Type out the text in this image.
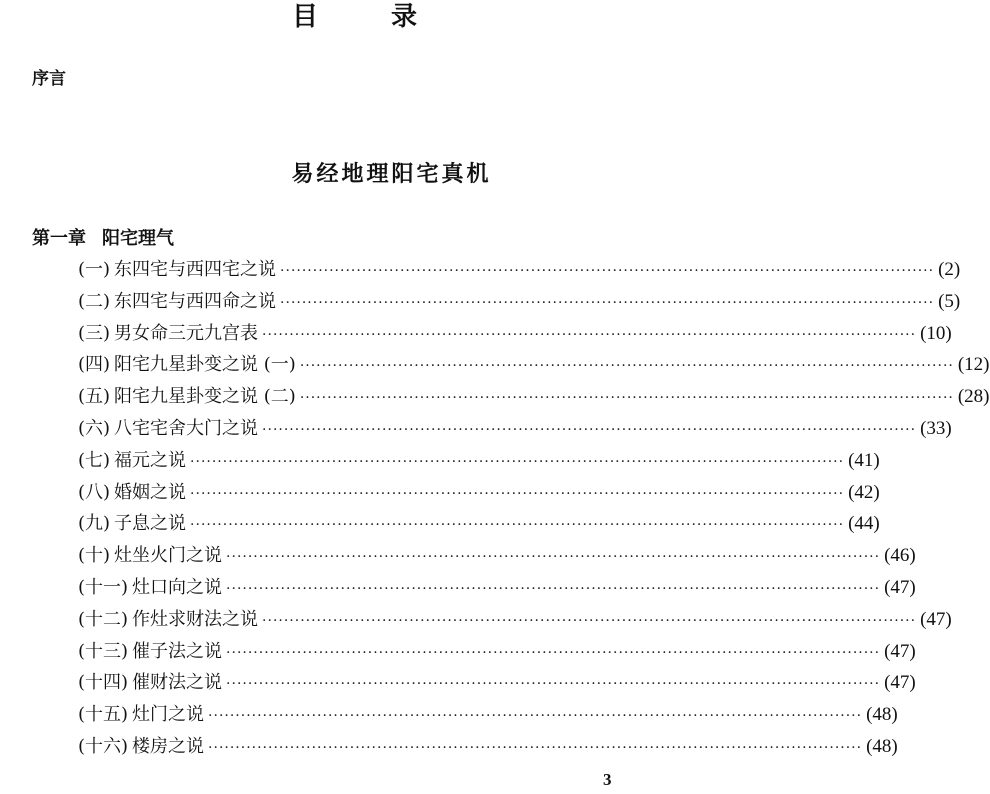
目 录
序言
易经地理阳宅真机
第一章 阳宅理气
(一) 东四宅与西四宅之说 ························································································································ (2)
(二) 东四宅与西四命之说 ························································································································ (5)
(三) 男女命三元九宫表 ························································································································ (10)
(四) 阳宅九星卦变之说 (一) ························································································································ (12)
(五) 阳宅九星卦变之说 (二) ························································································································ (28)
(六) 八宅宅舍大门之说 ························································································································ (33)
(七) 福元之说 ························································································································ (41)
(八) 婚姻之说 ························································································································ (42)
(九) 子息之说 ························································································································ (44)
(十) 灶坐火门之说 ························································································································ (46)
(十一) 灶口向之说 ························································································································ (47)
(十二) 作灶求财法之说 ························································································································ (47)
(十三) 催子法之说 ························································································································ (47)
(十四) 催财法之说 ························································································································ (47)
(十五) 灶门之说 ························································································································ (48)
(十六) 楼房之说 ························································································································ (48)
3
